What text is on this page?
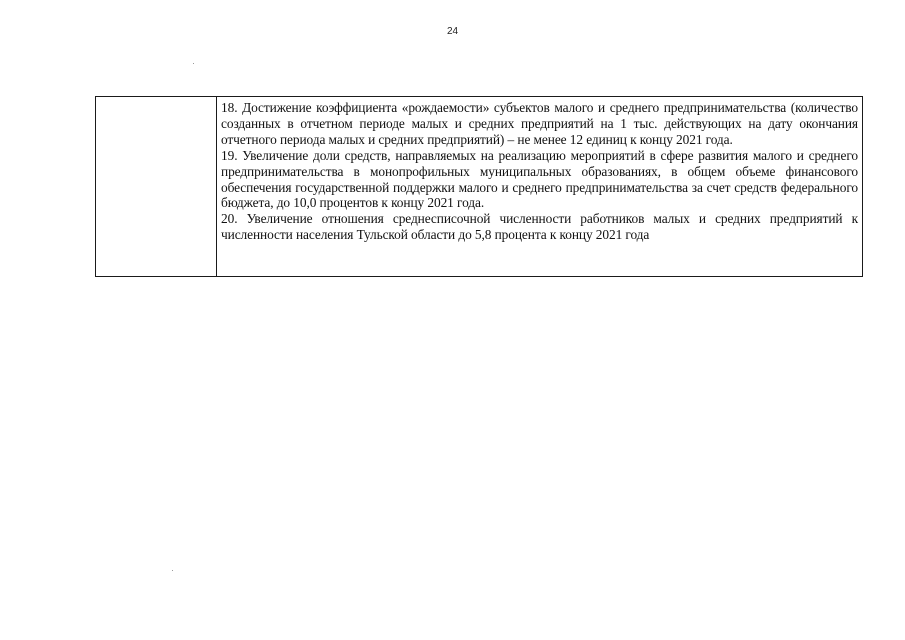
24

18. Достижение коэффициента «рождаемости» субъектов малого и среднего предпринимательства (количество созданных в отчетном периоде малых и средних предприятий на 1 тыс. действующих на дату окончания отчетного периода малых и средних предприятий) – не менее 12 единиц к концу 2021 года.

19. Увеличение доли средств, направляемых на реализацию мероприятий в сфере развития малого и среднего предпринимательства в монопрофильных муниципальных образованиях, в общем объеме финансового обеспечения государственной поддержки малого и среднего предпринимательства за счет средств федерального бюджета, до 10,0 процентов к концу 2021 года.

20. Увеличение отношения среднесписочной численности работников малых и средних предприятий к численности населения Тульской области до 5,8 процента к концу 2021 года
